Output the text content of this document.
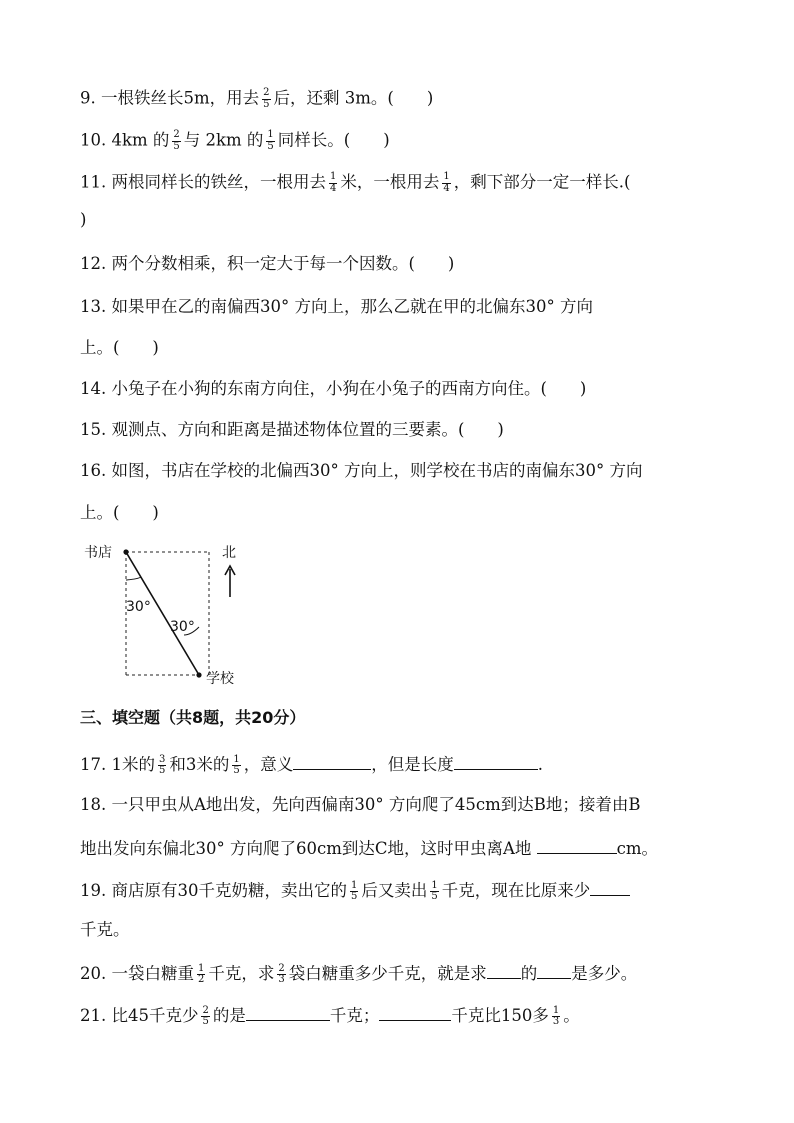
9. 一根铁丝长5m，用去 $\frac{2}{5}$ 后，还剩 3m。(　　)
10. 4km 的 $\frac{2}{5}$ 与 2km 的 $\frac{1}{5}$ 同样长。(　　)
11. 两根同样长的铁丝，一根用去 $\frac{1}{4}$ 米，一根用去 $\frac{1}{4}$ ，剩下部分一定一样长.(
)
12. 两个分数相乘，积一定大于每一个因数。(　　)
13. 如果甲在乙的南偏西30° 方向上，那么乙就在甲的北偏东30° 方向
上。(　　)
14. 小兔子在小狗的东南方向住，小狗在小兔子的西南方向住。(　　)
15. 观测点、方向和距离是描述物体位置的三要素。(　　)
16. 如图，书店在学校的北偏西30° 方向上，则学校在书店的南偏东30° 方向
上。(　　)
书店
学校
30°
30°
北
三、填空题（共8题，共20分）
17. 1米的 $\frac{3}{5}$ 和3米的 $\frac{1}{5}$ ，意义	，但是长度	.
18. 一只甲虫从A地出发，先向西偏南30° 方向爬了45cm到达B地；接着由B
地出发向东偏北30° 方向爬了60cm到达C地，这时甲虫离A地	cm。
19. 商店原有30千克奶糖，卖出它的 $\frac{1}{5}$ 后又卖出 $\frac{1}{5}$ 千克，现在比原来少
千克。
20. 一袋白糖重 $\frac{1}{2}$ 千克，求 $\frac{2}{3}$ 袋白糖重多少千克，就是求 的 是多少。
21. 比45千克少 $\frac{2}{5}$ 的是	千克；	千克比150多 $\frac{1}{3}$ 。
